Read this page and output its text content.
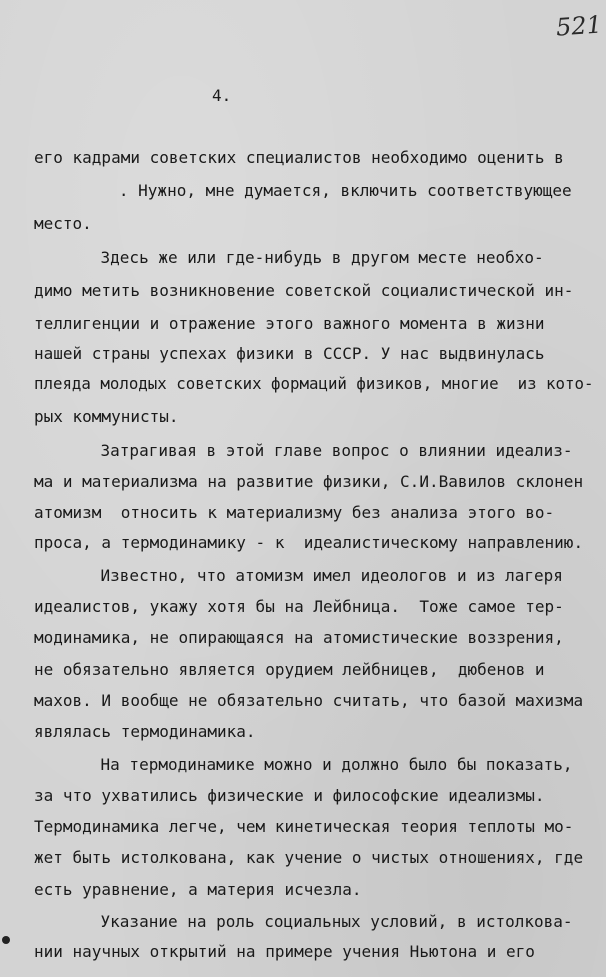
521
4.
его кадрами советских специалистов необходимо оценить в
. Нужно, мне думается, включить соответствующее
место.
Здесь же или где-нибудь в другом месте необхо-
димо метить возникновение советской социалистической ин-
теллигенции и отражение этого важного момента в жизни
нашей страны успехах физики в СССР. У нас выдвинулась
плеяда молодых советских формаций физиков, многие  из кото-
рых коммунисты.
Затрагивая в этой главе вопрос о влиянии идеализ-
ма и материализма на развитие физики, С.И.Вавилов склонен
атомизм  относить к материализму без анализа этого во-
проса, а термодинамику - к  идеалистическому направлению.
Известно, что атомизм имел идеологов и из лагеря
идеалистов, укажу хотя бы на Лейбница.  Тоже самое тер-
модинамика, не опирающаяся на атомистические воззрения,
не обязательно является орудием лейбницев,  дюбенов и
махов. И вообще не обязательно считать, что базой махизма
являлась термодинамика.
На термодинамике можно и должно было бы показать,
за что ухватились физические и философские идеализмы.
Термодинамика легче, чем кинетическая теория теплоты мо-
жет быть истолкована, как учение о чистых отношениях, где
есть уравнение, а материя исчезла.
Указание на роль социальных условий, в истолкова-
нии научных открытий на примере учения Ньютона и его
